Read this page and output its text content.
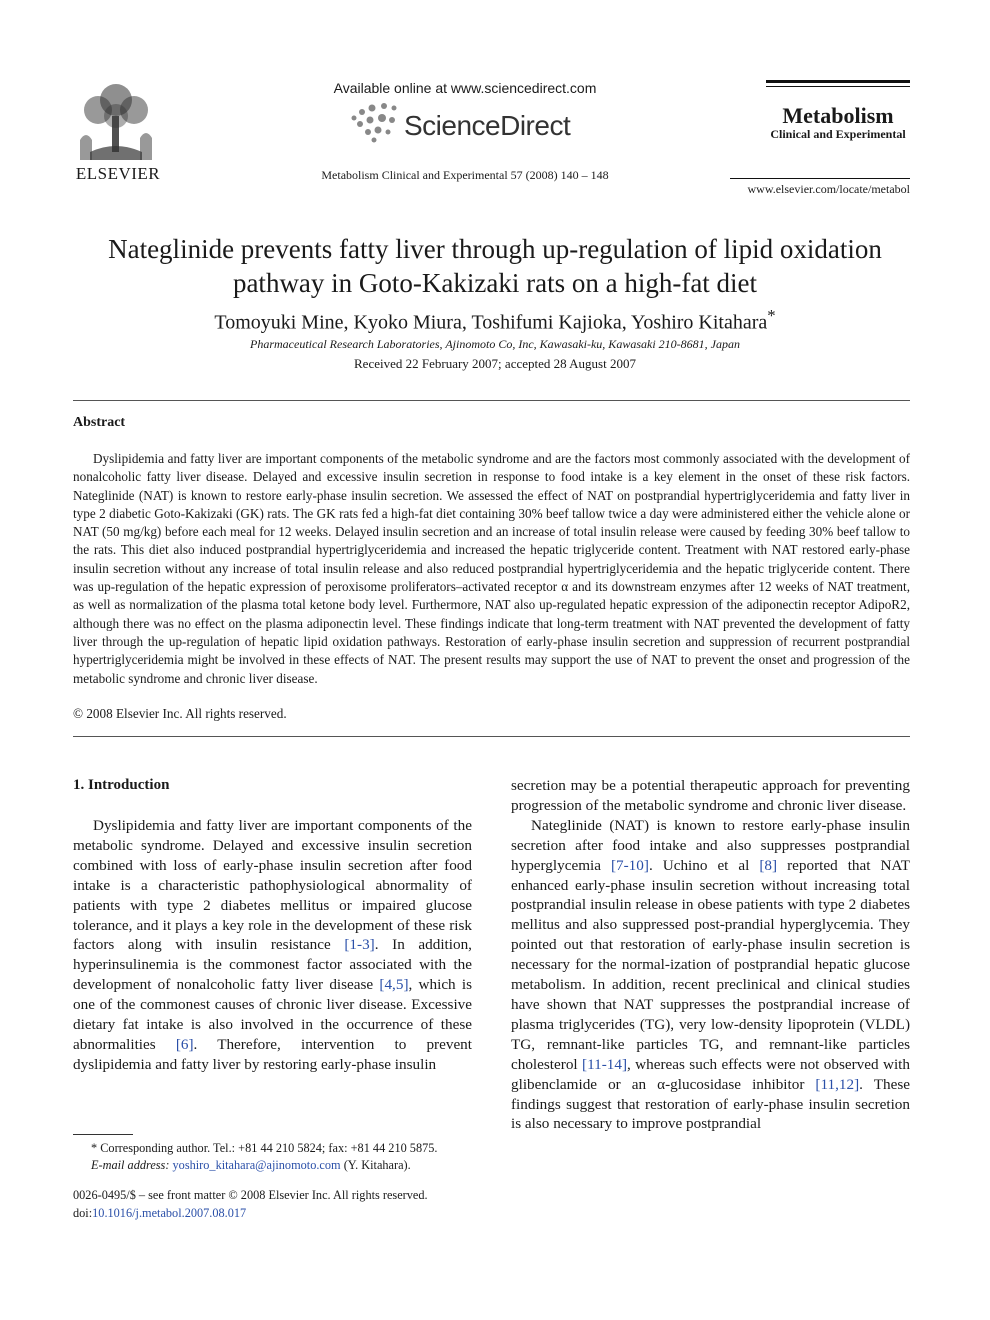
ELSEVIER
Available online at www.sciencedirect.com
ScienceDirect
Metabolism Clinical and Experimental 57 (2008) 140 – 148
Metabolism
Clinical and Experimental
www.elsevier.com/locate/metabol
Nateglinide prevents fatty liver through up-regulation of lipid oxidation pathway in Goto-Kakizaki rats on a high-fat diet
Tomoyuki Mine, Kyoko Miura, Toshifumi Kajioka, Yoshiro Kitahara*
Pharmaceutical Research Laboratories, Ajinomoto Co, Inc, Kawasaki-ku, Kawasaki 210-8681, Japan
Received 22 February 2007; accepted 28 August 2007
Abstract
Dyslipidemia and fatty liver are important components of the metabolic syndrome and are the factors most commonly associated with the development of nonalcoholic fatty liver disease. Delayed and excessive insulin secretion in response to food intake is a key element in the onset of these risk factors. Nateglinide (NAT) is known to restore early-phase insulin secretion. We assessed the effect of NAT on postprandial hypertriglyceridemia and fatty liver in type 2 diabetic Goto-Kakizaki (GK) rats. The GK rats fed a high-fat diet containing 30% beef tallow twice a day were administered either the vehicle alone or NAT (50 mg/kg) before each meal for 12 weeks. Delayed insulin secretion and an increase of total insulin release were caused by feeding 30% beef tallow to the rats. This diet also induced postprandial hypertriglyceridemia and increased the hepatic triglyceride content. Treatment with NAT restored early-phase insulin secretion without any increase of total insulin release and also reduced postprandial hypertriglyceridemia and the hepatic triglyceride content. There was up-regulation of the hepatic expression of peroxisome proliferators–activated receptor α and its downstream enzymes after 12 weeks of NAT treatment, as well as normalization of the plasma total ketone body level. Furthermore, NAT also up-regulated hepatic expression of the adiponectin receptor AdipoR2, although there was no effect on the plasma adiponectin level. These findings indicate that long-term treatment with NAT prevented the development of fatty liver through the up-regulation of hepatic lipid oxidation pathways. Restoration of early-phase insulin secretion and suppression of recurrent postprandial hypertriglyceridemia might be involved in these effects of NAT. The present results may support the use of NAT to prevent the onset and progression of the metabolic syndrome and chronic liver disease.
© 2008 Elsevier Inc. All rights reserved.
1. Introduction

Dyslipidemia and fatty liver are important components of the metabolic syndrome. Delayed and excessive insulin secretion combined with loss of early-phase insulin secretion after food intake is a characteristic pathophysiological abnormality of patients with type 2 diabetes mellitus or impaired glucose tolerance, and it plays a key role in the development of these risk factors along with insulin resistance [1-3]. In addition, hyperinsulinemia is the commonest factor associated with the development of nonalcoholic fatty liver disease [4,5], which is one of the commonest causes of chronic liver disease. Excessive dietary fat intake is also involved in the occurrence of these abnormalities [6]. Therefore, intervention to prevent dyslipidemia and fatty liver by restoring early-phase insulin

secretion may be a potential therapeutic approach for preventing progression of the metabolic syndrome and chronic liver disease.

Nateglinide (NAT) is known to restore early-phase insulin secretion after food intake and also suppresses postprandial hyperglycemia [7-10]. Uchino et al [8] reported that NAT enhanced early-phase insulin secretion without increasing total postprandial insulin release in obese patients with type 2 diabetes mellitus and also suppressed post-prandial hyperglycemia. They pointed out that restoration of early-phase insulin secretion is necessary for the normal-ization of postprandial hepatic glucose metabolism. In addition, recent preclinical and clinical studies have shown that NAT suppresses the postprandial increase of plasma triglycerides (TG), very low-density lipoprotein (VLDL) TG, remnant-like particles TG, and remnant-like particles cholesterol [11-14], whereas such effects were not observed with glibenclamide or an α-glucosidase inhibitor [11,12]. These findings suggest that restoration of early-phase insulin secretion is also necessary to improve postprandial

* Corresponding author. Tel.: +81 44 210 5824; fax: +81 44 210 5875.
E-mail address: yoshiro_kitahara@ajinomoto.com (Y. Kitahara).
0026-0495/$ – see front matter © 2008 Elsevier Inc. All rights reserved.
doi:10.1016/j.metabol.2007.08.017
